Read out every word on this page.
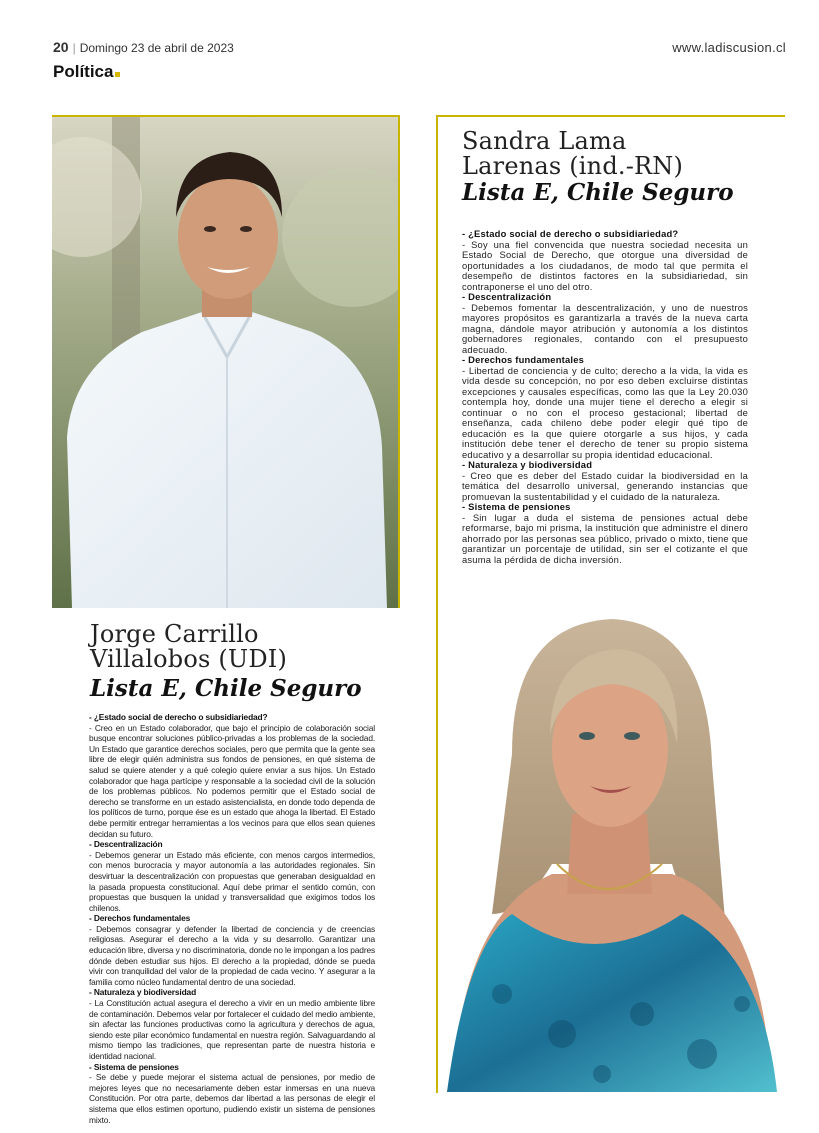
20 | Domingo 23 de abril de 2023	www.ladiscusion.cl
Política
Jorge Carrillo
Villalobos (UDI)
Lista E, Chile Seguro
Sandra Lama
Larenas (ind.-RN)
Lista E, Chile Seguro

- ¿Estado social de derecho o subsidiariedad?

- Creo en un Estado colaborador, que bajo el principio de colaboración social busque encontrar soluciones público-privadas a los problemas de la sociedad. Un Estado que garantice derechos sociales, pero que permita que la gente sea libre de elegir quién administra sus fondos de pensiones, en qué sistema de salud se quiere atender y a qué colegio quiere enviar a sus hijos. Un Estado colaborador que haga partícipe y responsable a la sociedad civil de la solución de los problemas públicos. No podemos permitir que el Estado social de derecho se transforme en un estado asistencialista, en donde todo dependa de los políticos de turno, porque ése es un estado que ahoga la libertad. El Estado debe permitir entregar herramientas a los vecinos para que ellos sean quienes decidan su futuro.

- Descentralización

- Debemos generar un Estado más eficiente, con menos cargos intermedios, con menos burocracia y mayor autonomía a las autoridades regionales. Sin desvirtuar la descentralización con propuestas que generaban desigualdad en la pasada propuesta constitucional. Aquí debe primar el sentido común, con propuestas que busquen la unidad y transversalidad que exigimos todos los chilenos.

- Derechos fundamentales

- Debemos consagrar y defender la libertad de conciencia y de creencias religiosas. Asegurar el derecho a la vida y su desarrollo. Garantizar una educación libre, diversa y no discriminatoria, donde no le impongan a los padres dónde deben estudiar sus hijos. El derecho a la propiedad, dónde se pueda vivir con tranquilidad del valor de la propiedad de cada vecino. Y asegurar a la familia como núcleo fundamental dentro de una sociedad.

- Naturaleza y biodiversidad

- La Constitución actual asegura el derecho a vivir en un medio ambiente libre de contaminación. Debemos velar por fortalecer el cuidado del medio ambiente, sin afectar las funciones productivas como la agricultura y derechos de agua, siendo este pilar económico fundamental en nuestra región. Salvaguardando al mismo tiempo las tradiciones, que representan parte de nuestra historia e identidad nacional.

- Sistema de pensiones

- Se debe y puede mejorar el sistema actual de pensiones, por medio de mejores leyes que no necesariamente deben estar inmersas en una nueva Constitución. Por otra parte, debemos dar libertad a las personas de elegir el sistema que ellos estimen oportuno, pudiendo existir un sistema de pensiones mixto.

- ¿Estado social de derecho o subsidiariedad?

- Soy una fiel convencida que nuestra sociedad necesita un Estado Social de Derecho, que otorgue una diversidad de oportunidades a los ciudadanos, de modo tal que permita el desempeño de distintos factores en la subsidiariedad, sin contraponerse el uno del otro.

- Descentralización

- Debemos fomentar la descentralización, y uno de nuestros mayores propósitos es garantizarla a través de la nueva carta magna, dándole mayor atribución y autonomía a los distintos gobernadores regionales, contando con el presupuesto adecuado.

- Derechos fundamentales

- Libertad de conciencia y de culto; derecho a la vida, la vida es vida desde su concepción, no por eso deben excluirse distintas excepciones y causales específicas, como las que la Ley 20.030 contempla hoy, donde una mujer tiene el derecho a elegir si continuar o no con el proceso gestacional; libertad de enseñanza, cada chileno debe poder elegir qué tipo de educación es la que quiere otorgarle a sus hijos, y cada institución debe tener el derecho de tener su propio sistema educativo y a desarrollar su propia identidad educacional.

- Naturaleza y biodiversidad

- Creo que es deber del Estado cuidar la biodiversidad en la temática del desarrollo universal, generando instancias que promuevan la sustentabilidad y el cuidado de la naturaleza.

- Sistema de pensiones

- Sin lugar a duda el sistema de pensiones actual debe reformarse, bajo mi prisma, la institución que administre el dinero ahorrado por las personas sea público, privado o mixto, tiene que garantizar un porcentaje de utilidad, sin ser el cotizante el que asuma la pérdida de dicha inversión.
